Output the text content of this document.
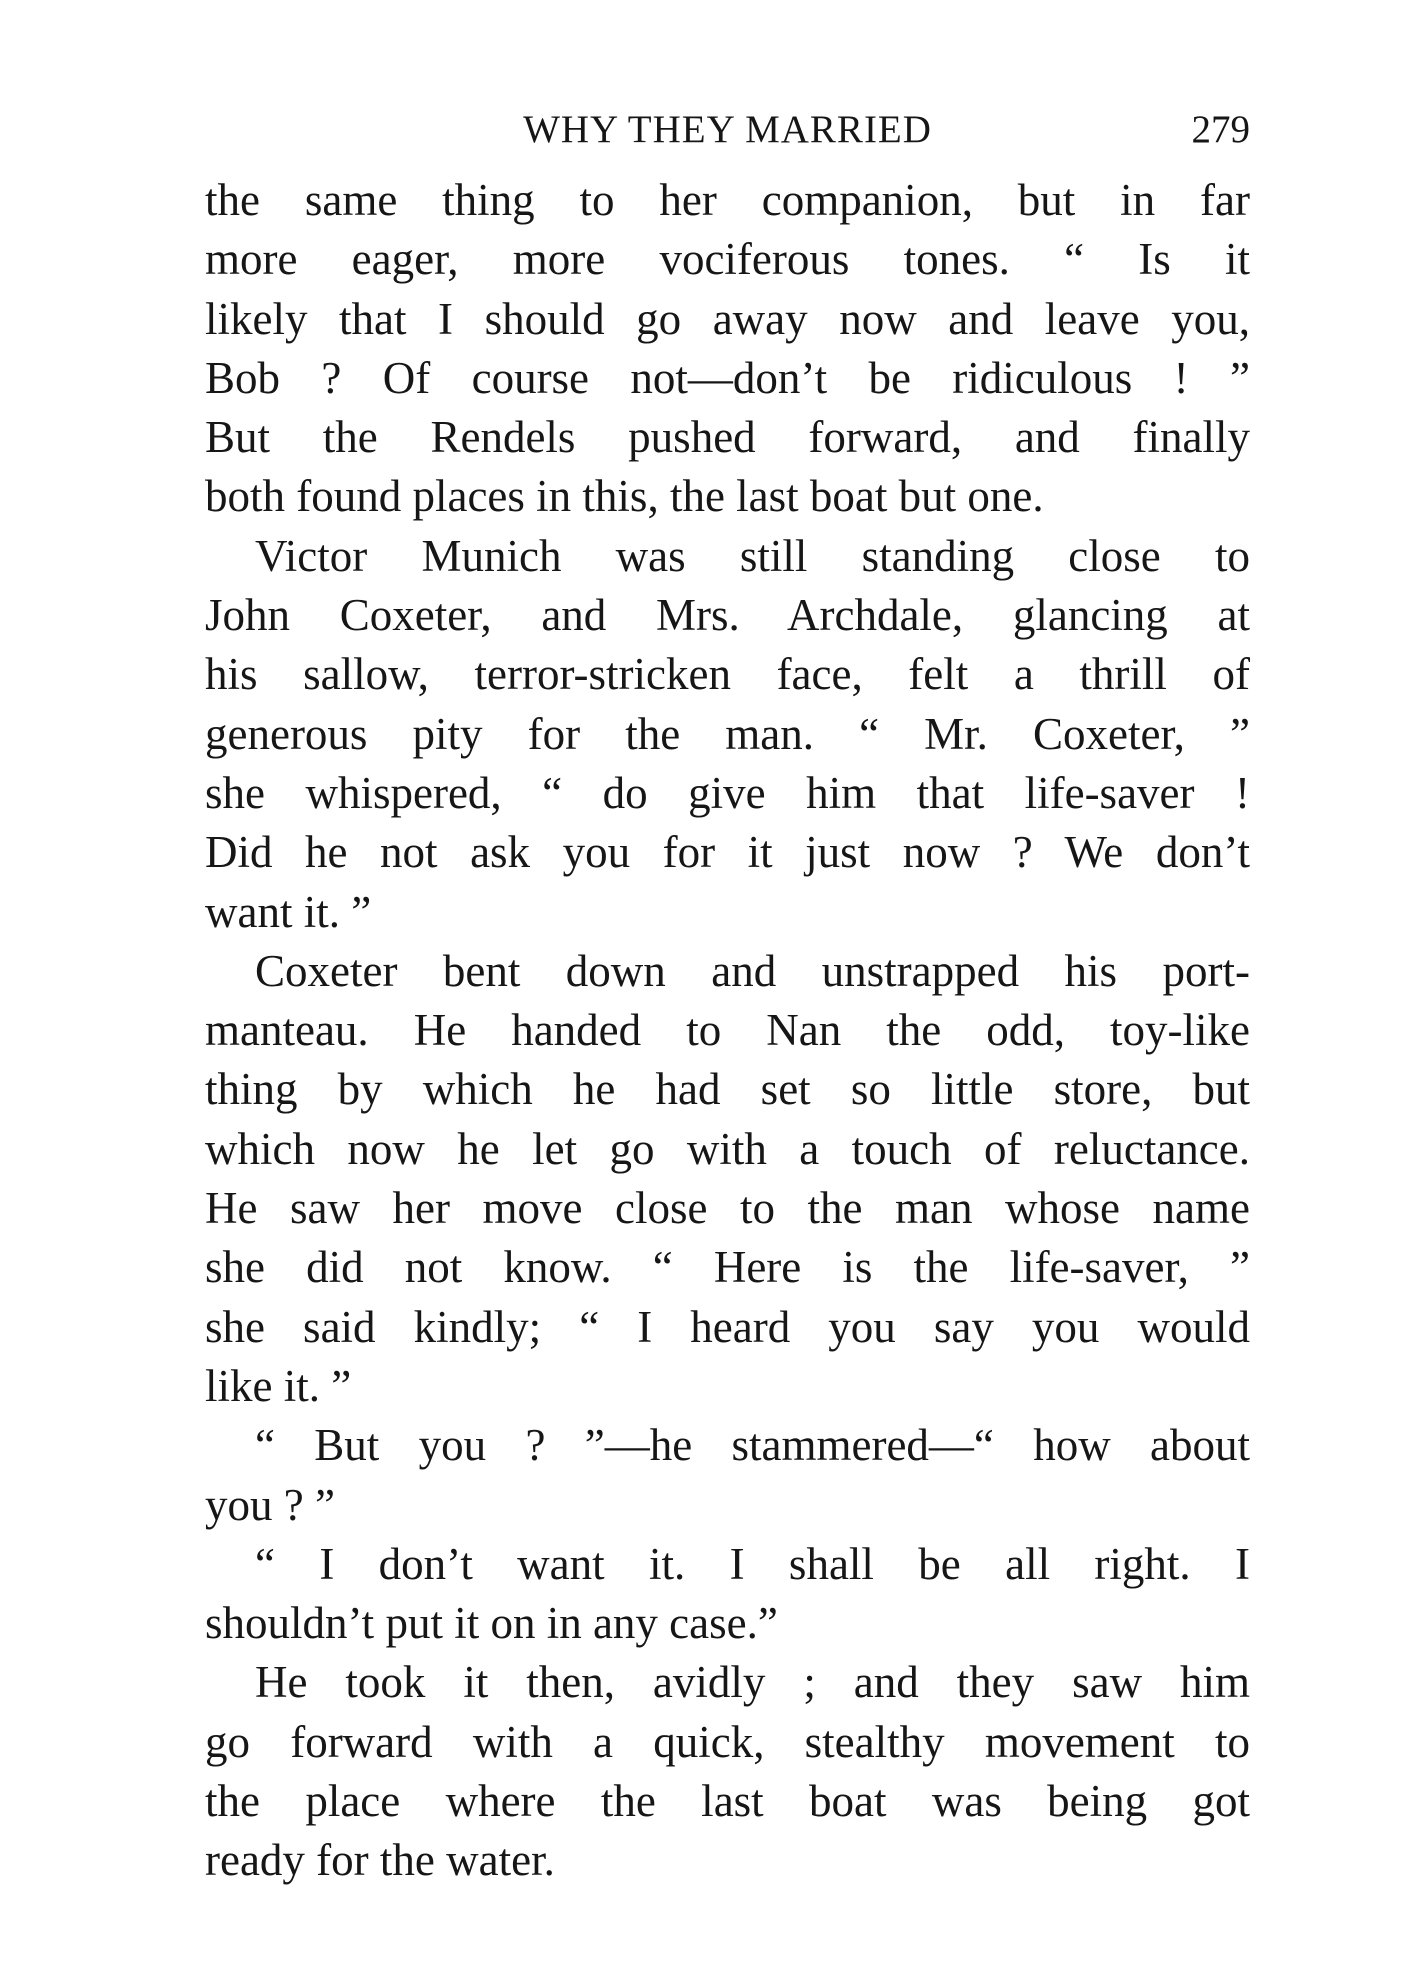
WHY THEY MARRIED	279
the same thing to her companion, but in far
more eager, more vociferous tones. “ Is it
likely that I should go away now and leave you,
Bob ? Of course not—don’t be ridiculous ! ”
But the Rendels pushed forward, and finally
both found places in this, the last boat but one.
Victor Munich was still standing close to
John Coxeter, and Mrs. Archdale, glancing at
his sallow, terror-stricken face, felt a thrill of
generous pity for the man. “ Mr. Coxeter, ”
she whispered, “ do give him that life-saver !
Did he not ask you for it just now ? We don’t
want it. ”
Coxeter bent down and unstrapped his port-
manteau. He handed to Nan the odd, toy-like
thing by which he had set so little store, but
which now he let go with a touch of reluctance.
He saw her move close to the man whose name
she did not know. “ Here is the life-saver, ”
she said kindly; “ I heard you say you would
like it. ”
“ But you ? ”—he stammered—“ how about
you ? ”
“ I don’t want it. I shall be all right. I
shouldn’t put it on in any case.”
He took it then, avidly ; and they saw him
go forward with a quick, stealthy movement to
the place where the last boat was being got
ready for the water.
